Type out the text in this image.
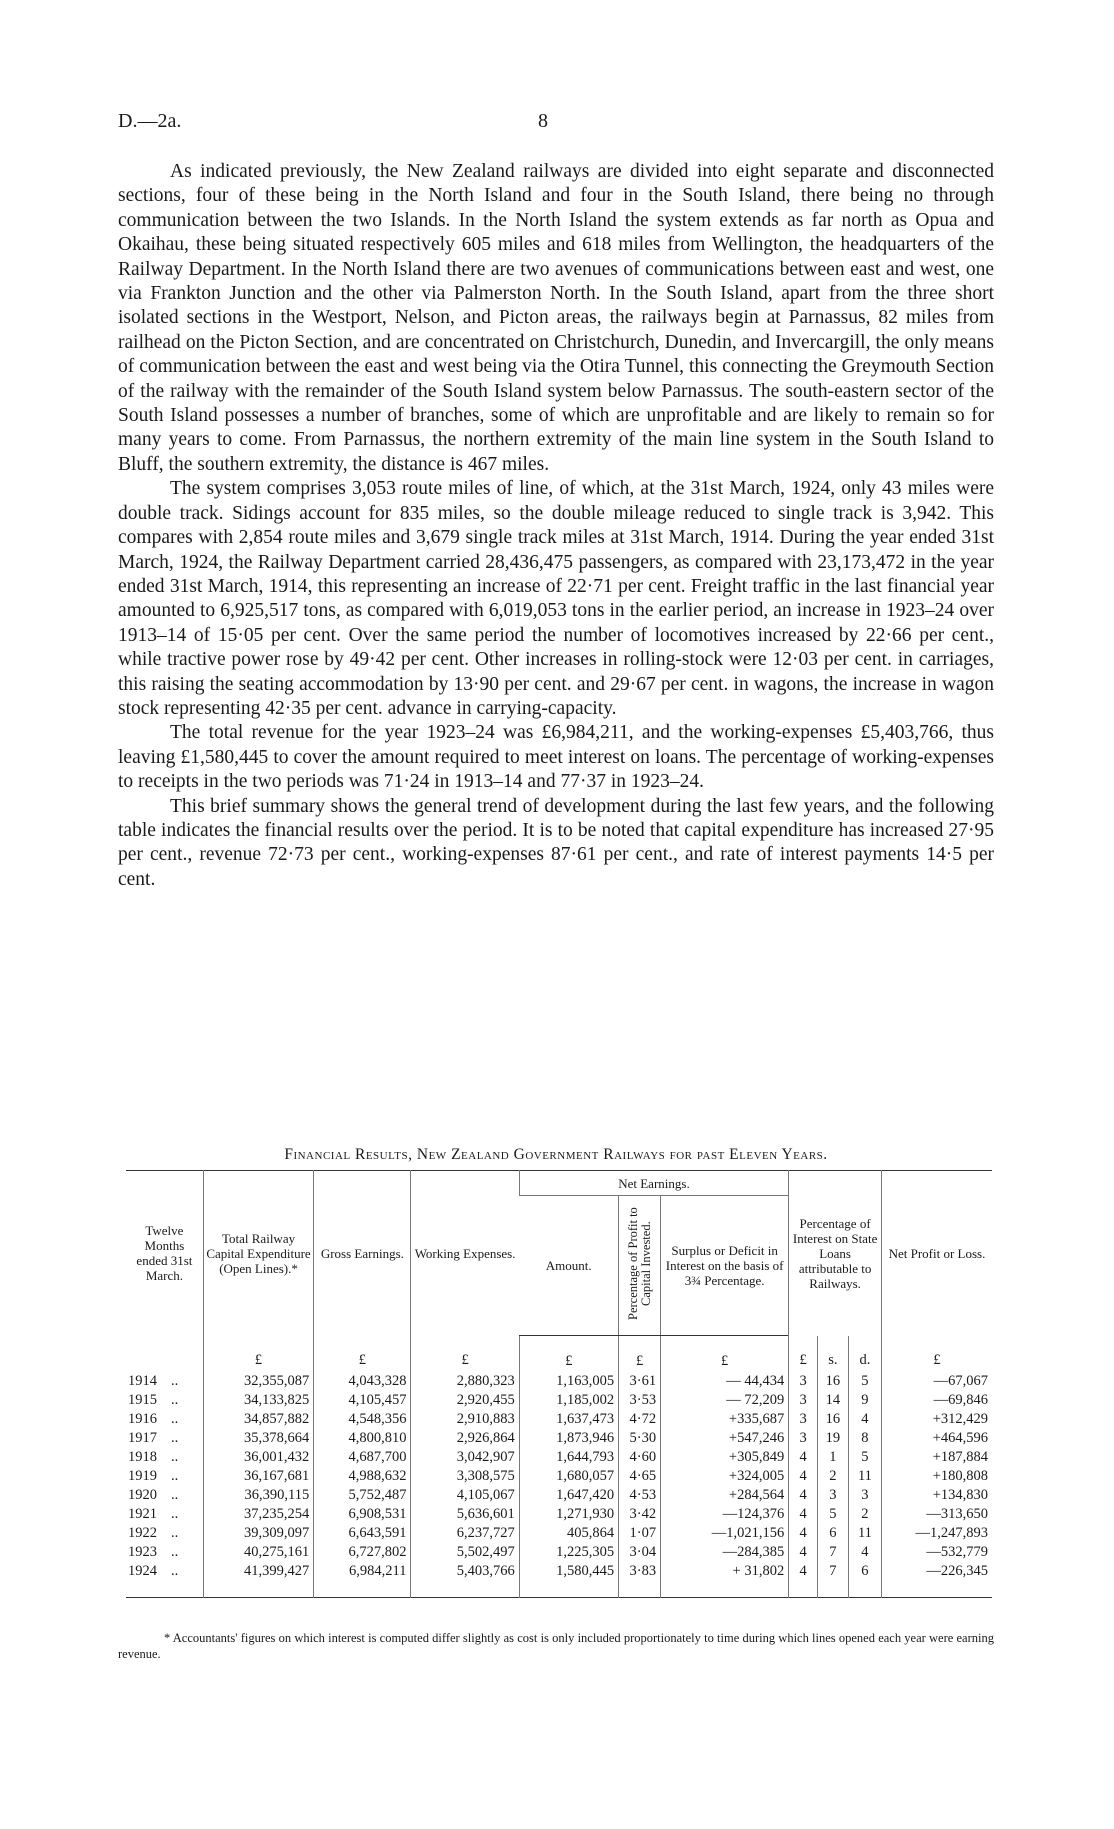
D.—2a.	8

As indicated previously, the New Zealand railways are divided into eight separate and disconnected sections, four of these being in the North Island and four in the South Island, there being no through communication between the two Islands. In the North Island the system extends as far north as Opua and Okaihau, these being situated respectively 605 miles and 618 miles from Wellington, the headquarters of the Railway Department. In the North Island there are two avenues of communications between east and west, one via Frankton Junction and the other via Palmerston North. In the South Island, apart from the three short isolated sections in the Westport, Nelson, and Picton areas, the railways begin at Parnassus, 82 miles from railhead on the Picton Section, and are concentrated on Christchurch, Dunedin, and Invercargill, the only means of communication between the east and west being via the Otira Tunnel, this connecting the Greymouth Section of the railway with the remainder of the South Island system below Parnassus. The south-eastern sector of the South Island possesses a number of branches, some of which are unprofitable and are likely to remain so for many years to come. From Parnassus, the northern extremity of the main line system in the South Island to Bluff, the southern extremity, the distance is 467 miles.

The system comprises 3,053 route miles of line, of which, at the 31st March, 1924, only 43 miles were double track. Sidings account for 835 miles, so the double mileage reduced to single track is 3,942. This compares with 2,854 route miles and 3,679 single track miles at 31st March, 1914. During the year ended 31st March, 1924, the Railway Department carried 28,436,475 passengers, as compared with 23,173,472 in the year ended 31st March, 1914, this representing an increase of 22·71 per cent. Freight traffic in the last financial year amounted to 6,925,517 tons, as compared with 6,019,053 tons in the earlier period, an increase in 1923–24 over 1913–14 of 15·05 per cent. Over the same period the number of locomotives increased by 22·66 per cent., while tractive power rose by 49·42 per cent. Other increases in rolling-stock were 12·03 per cent. in carriages, this raising the seating accommodation by 13·90 per cent. and 29·67 per cent. in wagons, the increase in wagon stock representing 42·35 per cent. advance in carrying-capacity.

The total revenue for the year 1923–24 was £6,984,211, and the working-expenses £5,403,766, thus leaving £1,580,445 to cover the amount required to meet interest on loans. The percentage of working-expenses to receipts in the two periods was 71·24 in 1913–14 and 77·37 in 1923–24.

This brief summary shows the general trend of development during the last few years, and the following table indicates the financial results over the period. It is to be noted that capital expenditure has increased 27·95 per cent., revenue 72·73 per cent., working-expenses 87·61 per cent., and rate of interest payments 14·5 per cent.

Financial Results, New Zealand Government Railways for past Eleven Years.
Twelve Months ended 31st March.	Total Railway Capital Expenditure (Open Lines).*	Gross Earnings.	Working Expenses.	Net Earnings.			Percentage of Interest on State Loans attributable to Railways.			Net Profit or Loss.
				Amount.	Percentage of Profit to Capital Invested.	Surplus or Deficit in Interest on the basis of 3¾ Percentage.				
	£	£	£	£	£	£	£	s.	d.	£
1914 ..	32,355,087	4,043,328	2,880,323	1,163,005	3·61	— 44,434	3	16	5	—67,067
1915 ..	34,133,825	4,105,457	2,920,455	1,185,002	3·53	— 72,209	3	14	9	—69,846
1916 ..	34,857,882	4,548,356	2,910,883	1,637,473	4·72	+335,687	3	16	4	+312,429
1917 ..	35,378,664	4,800,810	2,926,864	1,873,946	5·30	+547,246	3	19	8	+464,596
1918 ..	36,001,432	4,687,700	3,042,907	1,644,793	4·60	+305,849	4	1	5	+187,884
1919 ..	36,167,681	4,988,632	3,308,575	1,680,057	4·65	+324,005	4	2	11	+180,808
1920 ..	36,390,115	5,752,487	4,105,067	1,647,420	4·53	+284,564	4	3	3	+134,830
1921 ..	37,235,254	6,908,531	5,636,601	1,271,930	3·42	—124,376	4	5	2	—313,650
1922 ..	39,309,097	6,643,591	6,237,727	405,864	1·07	—1,021,156	4	6	11	—1,247,893
1923 ..	40,275,161	6,727,802	5,502,497	1,225,305	3·04	—284,385	4	7	4	—532,779
1924 ..	41,399,427	6,984,211	5,403,766	1,580,445	3·83	+ 31,802	4	7	6	—226,345
* Accountants' figures on which interest is computed differ slightly as cost is only included proportionately to time during which lines opened each year were earning revenue.
